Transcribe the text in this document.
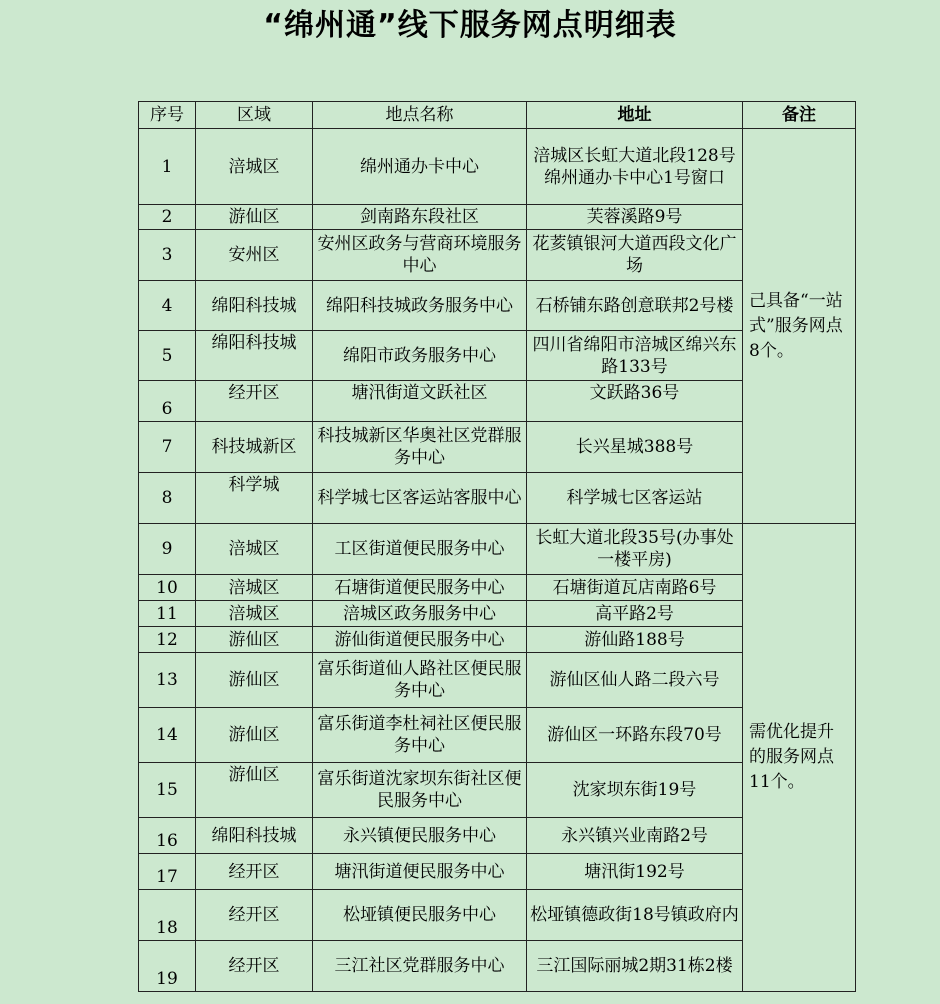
“绵州通”线下服务网点明细表
序号	区域	地点名称	地址	备注
1	涪城区	绵州通办卡中心	涪城区长虹大道北段128号绵州通办卡中心1号窗口	己具备“一站式”服务网点8个。
2	游仙区	剑南路东段社区	芙蓉溪路9号	
3	安州区	安州区政务与营商环境服务中心	花荄镇银河大道西段文化广场	
4	绵阳科技城	绵阳科技城政务服务中心	石桥铺东路创意联邦2号楼	
5	绵阳科技城	绵阳市政务服务中心	四川省绵阳市涪城区绵兴东路133号	
6	经开区	塘汛街道文跃社区	文跃路36号	
7	科技城新区	科技城新区华奥社区党群服务中心	长兴星城388号	
8	科学城	科学城七区客运站客服中心	科学城七区客运站	
9	涪城区	工区街道便民服务中心	长虹大道北段35号(办事处一楼平房)	需优化提升的服务网点11个。
10	涪城区	石塘街道便民服务中心	石塘街道瓦店南路6号	
11	涪城区	涪城区政务服务中心	高平路2号	
12	游仙区	游仙街道便民服务中心	游仙路188号	
13	游仙区	富乐街道仙人路社区便民服务中心	游仙区仙人路二段六号	
14	游仙区	富乐街道李杜祠社区便民服务中心	游仙区一环路东段70号	
15	游仙区	富乐街道沈家坝东街社区便民服务中心	沈家坝东街19号	
16	绵阳科技城	永兴镇便民服务中心	永兴镇兴业南路2号	
17	经开区	塘汛街道便民服务中心	塘汛街192号	
18	经开区	松垭镇便民服务中心	松垭镇德政街18号镇政府内	
19	经开区	三江社区党群服务中心	三江国际丽城2期31栋2楼	
